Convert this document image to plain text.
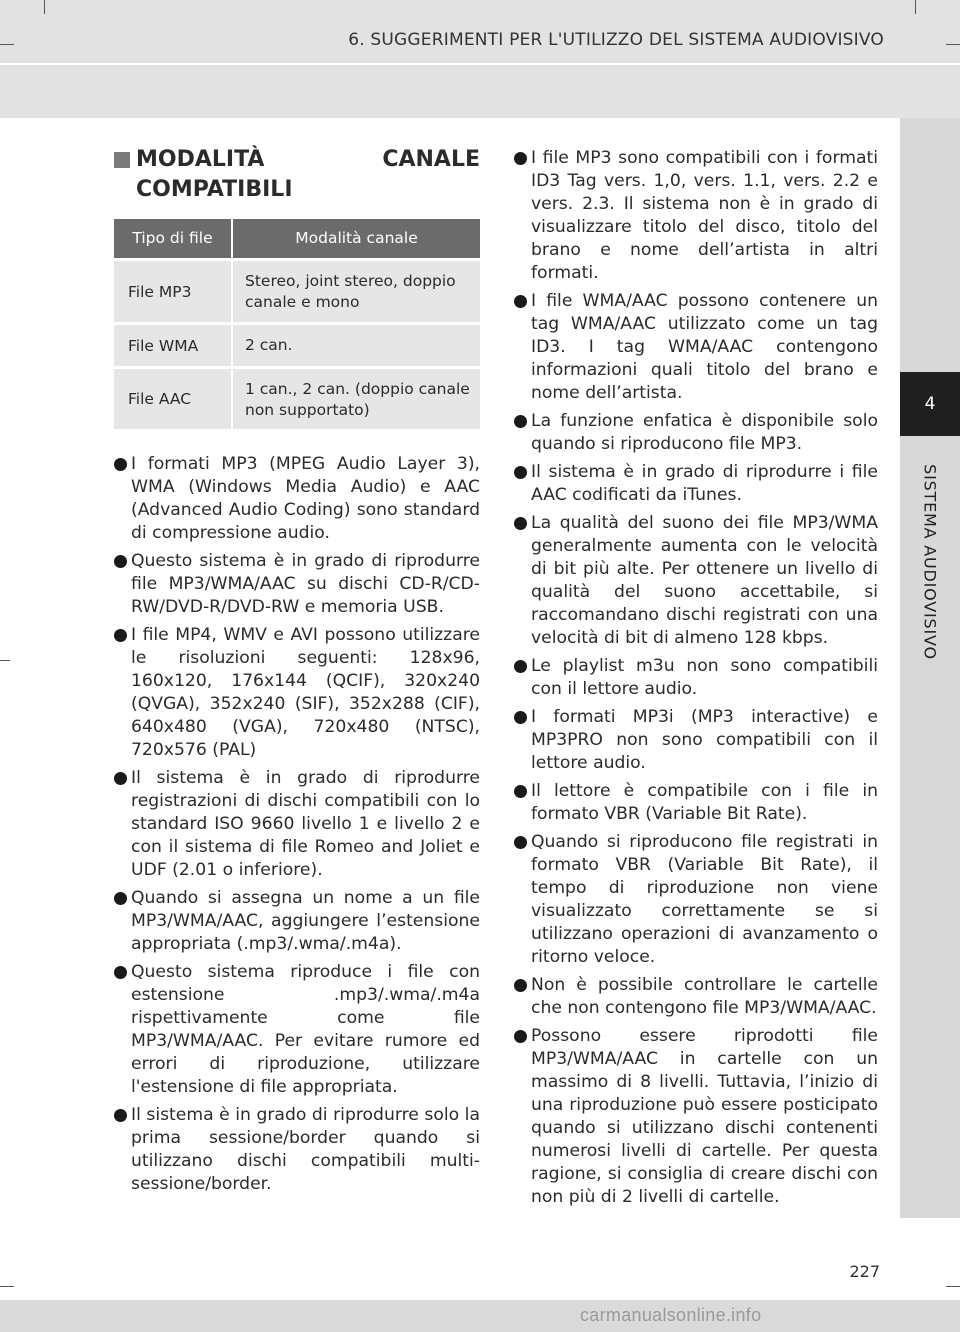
6. SUGGERIMENTI PER L'UTILIZZO DEL SISTEMA AUDIOVISIVO
4
SISTEMA AUDIOVISIVO
MODALITÀ CANALE
COMPATIBILI
Tipo di file	Modalità canale
File MP3	Stereo, joint stereo, doppio canale e mono
File WMA	2 can.
File AAC	1 can., 2 can. (doppio canale non supportato)
I formati MP3 (MPEG Audio Layer 3), WMA (Windows Media Audio) e AAC (Advanced Audio Coding) sono standard di compressione audio.
Questo sistema è in grado di riprodurre file MP3/WMA/AAC su dischi CD-R/CD-RW/DVD-R/DVD-RW e memoria USB.
I file MP4, WMV e AVI possono utilizzare le risoluzioni seguenti: 128x96, 160x120, 176x144 (QCIF), 320x240 (QVGA), 352x240 (SIF), 352x288 (CIF), 640x480 (VGA), 720x480 (NTSC), 720x576 (PAL)
Il sistema è in grado di riprodurre registrazioni di dischi compatibili con lo standard ISO 9660 livello 1 e livello 2 e con il sistema di file Romeo and Joliet e UDF (2.01 o inferiore).
Quando si assegna un nome a un file MP3/WMA/AAC, aggiungere l’estensione appropriata (.mp3/.wma/.m4a).
Questo sistema riproduce i file con estensione .mp3/.wma/.m4a rispettivamente come file MP3/WMA/AAC. Per evitare rumore ed errori di riproduzione, utilizzare l'estensione di file appropriata.
Il sistema è in grado di riprodurre solo la prima sessione/border quando si utilizzano dischi compatibili multi-sessione/border.
I file MP3 sono compatibili con i formati ID3 Tag vers. 1,0, vers. 1.1, vers. 2.2 e vers. 2.3. Il sistema non è in grado di visualizzare titolo del disco, titolo del brano e nome dell’artista in altri formati.
I file WMA/AAC possono contenere un tag WMA/AAC utilizzato come un tag ID3. I tag WMA/AAC contengono informazioni quali titolo del brano e nome dell’artista.
La funzione enfatica è disponibile solo quando si riproducono file MP3.
Il sistema è in grado di riprodurre i file AAC codificati da iTunes.
La qualità del suono dei file MP3/WMA generalmente aumenta con le velocità di bit più alte. Per ottenere un livello di qualità del suono accettabile, si raccomandano dischi registrati con una velocità di bit di almeno 128 kbps.
Le playlist m3u non sono compatibili con il lettore audio.
I formati MP3i (MP3 interactive) e MP3PRO non sono compatibili con il lettore audio.
Il lettore è compatibile con i file in formato VBR (Variable Bit Rate).
Quando si riproducono file registrati in formato VBR (Variable Bit Rate), il tempo di riproduzione non viene visualizzato correttamente se si utilizzano operazioni di avanzamento o ritorno veloce.
Non è possibile controllare le cartelle che non contengono file MP3/WMA/AAC.
Possono essere riprodotti file MP3/WMA/AAC in cartelle con un massimo di 8 livelli. Tuttavia, l’inizio di una riproduzione può essere posticipato quando si utilizzano dischi contenenti numerosi livelli di cartelle. Per questa ragione, si consiglia di creare dischi con non più di 2 livelli di cartelle.
227
carmanualsonline.info
